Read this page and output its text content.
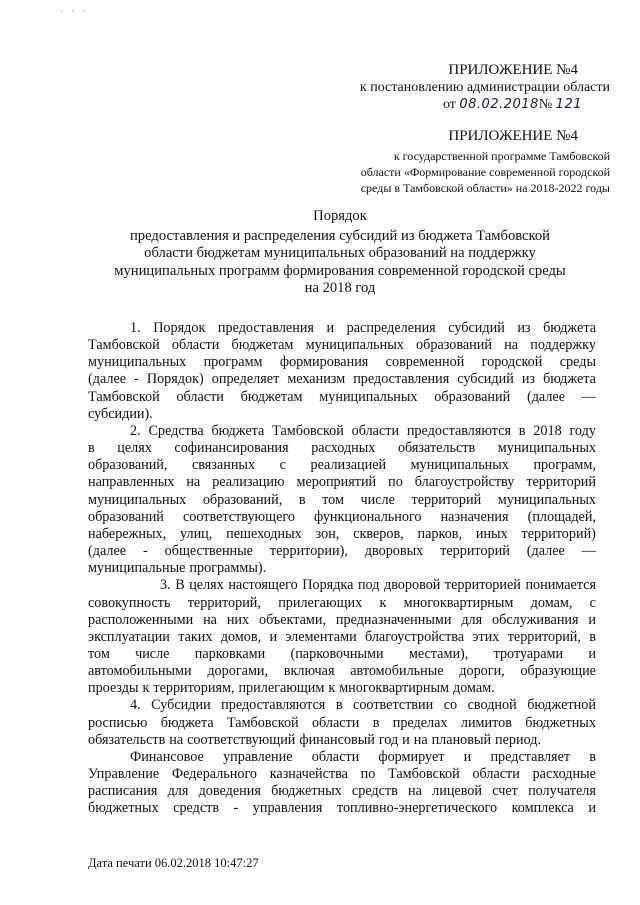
· · ·
ПРИЛОЖЕНИЕ №4
к постановлению администрации области
от 08.02.2018№ 121
ПРИЛОЖЕНИЕ №4
к государственной программе Тамбовской
области «Формирование современной городской
среды в Тамбовской области» на 2018-2022 годы
Порядок
предоставления и распределения субсидий из бюджета Тамбовской
области бюджетам муниципальных образований на поддержку
муниципальных программ формирования современной городской среды
на 2018 год
1. Порядок предоставления и распределения субсидий из бюджета
Тамбовской области бюджетам муниципальных образований на поддержку
муниципальных программ формирования современной городской среды
(далее - Порядок) определяет механизм предоставления субсидий из бюджета
Тамбовской области бюджетам муниципальных образований (далее —
субсидии).
2. Средства бюджета Тамбовской области предоставляются в 2018 году
в целях софинансирования расходных обязательств муниципальных
образований, связанных с реализацией муниципальных программ,
направленных на реализацию мероприятий по благоустройству территорий
муниципальных образований, в том числе территорий муниципальных
образований соответствующего функционального назначения (площадей,
набережных, улиц, пешеходных зон, скверов, парков, иных территорий)
(далее - общественные территории), дворовых территорий (далее —
муниципальные программы).
3. В целях настоящего Порядка под дворовой территорией понимается
совокупность территорий, прилегающих к многоквартирным домам, с
расположенными на них объектами, предназначенными для обслуживания и
эксплуатации таких домов, и элементами благоустройства этих территорий, в
том числе парковками (парковочными местами), тротуарами и
автомобильными дорогами, включая автомобильные дороги, образующие
проезды к территориям, прилегающим к многоквартирным домам.
4. Субсидии предоставляются в соответствии со сводной бюджетной
росписью бюджета Тамбовской области в пределах лимитов бюджетных
обязательств на соответствующий финансовый год и на плановый период.
Финансовое управление области формирует и представляет в
Управление Федерального казначейства по Тамбовской области расходные
расписания для доведения бюджетных средств на лицевой счет получателя
бюджетных средств - управления топливно-энергетического комплекса и
Дата печати 06.02.2018 10:47:27
